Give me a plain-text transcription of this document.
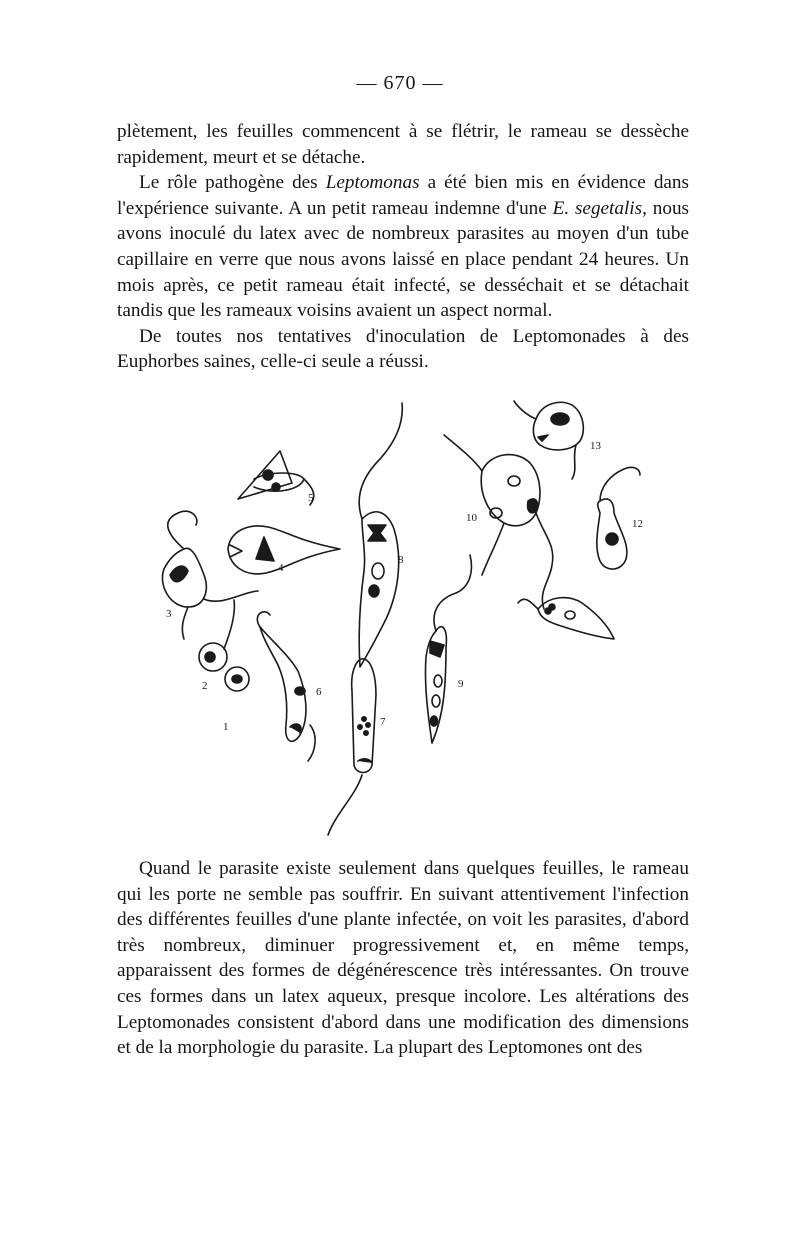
— 670 —

plètement, les feuilles commencent à se flétrir, le rameau se dessèche rapidement, meurt et se détache.

Le rôle pathogène des Leptomonas a été bien mis en évidence dans l'expérience suivante. A un petit rameau indemne d'une E. segetalis, nous avons inoculé du latex avec de nombreux parasites au moyen d'un tube capillaire en verre que nous avons laissé en place pendant 24 heures. Un mois après, ce petit rameau était infecté, se desséchait et se détachait tandis que les rameaux voisins avaient un aspect normal.

De toutes nos tentatives d'inoculation de Leptomonades à des Euphorbes saines, celle-ci seule a réussi.

1
2
3
4
5
6
7
8
9
10	12
13

Quand le parasite existe seulement dans quelques feuilles, le rameau qui les porte ne semble pas souffrir. En suivant attentivement l'infection des différentes feuilles d'une plante infectée, on voit les parasites, d'abord très nombreux, diminuer progressivement et, en même temps, apparaissent des formes de dégénérescence très intéressantes. On trouve ces formes dans un latex aqueux, presque incolore. Les altérations des Leptomonades consistent d'abord dans une modification des dimensions et de la morphologie du parasite. La plupart des Leptomones ont des
